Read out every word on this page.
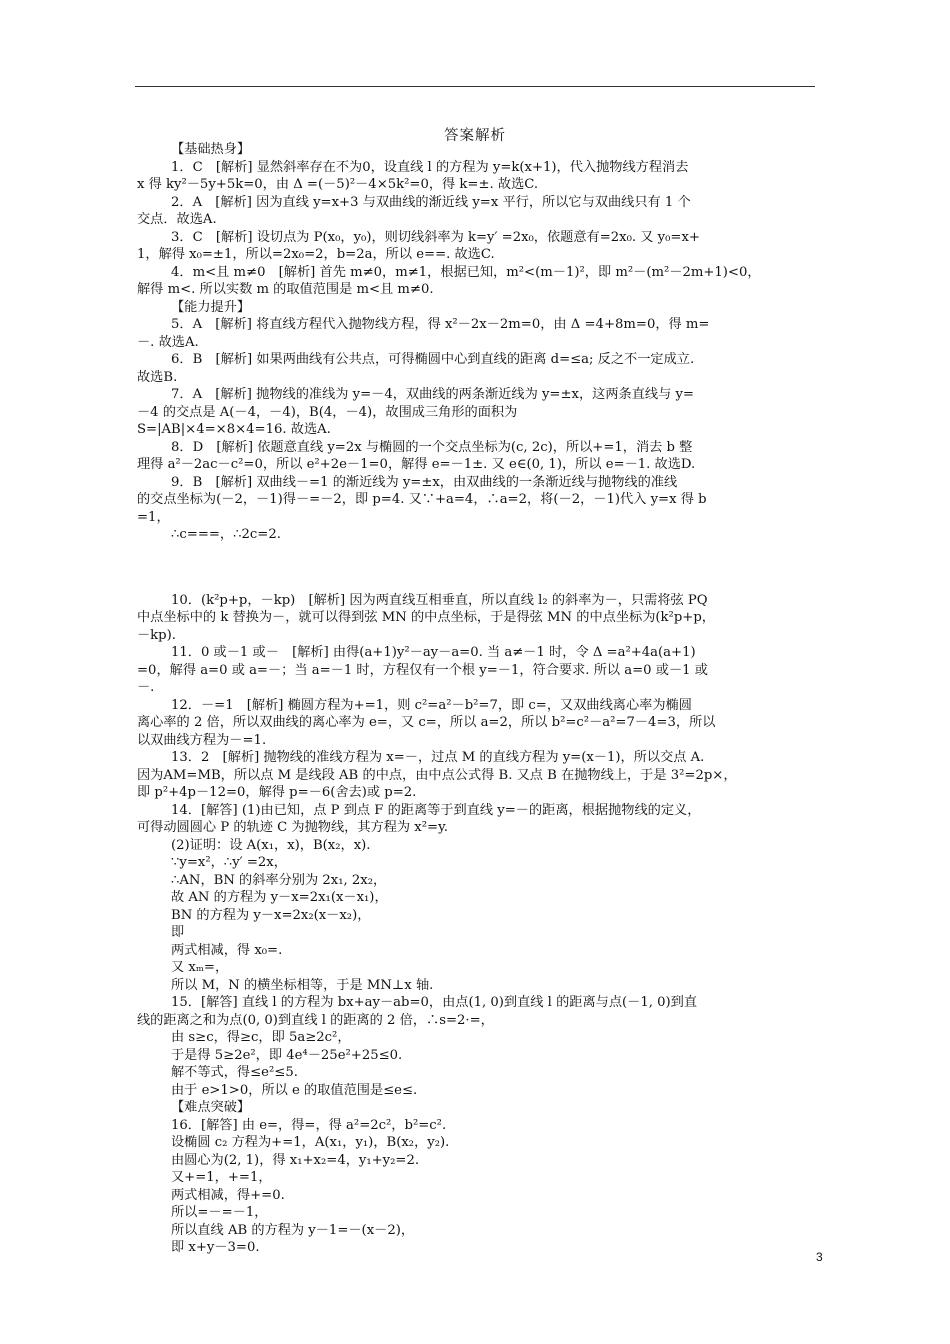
答案解析

【基础热身】

1．C　[解析] 显然斜率存在不为0，设直线 l 的方程为 y=k(x+1)，代入抛物线方程消去

x 得 ky²－5y+5k=0，由 Δ =(－5)²－4×5k²=0，得 k=±. 故选C.

2．A　[解析] 因为直线 y=x+3 与双曲线的渐近线 y=x 平行，所以它与双曲线只有 1 个

交点．故选A.

3．C　[解析] 设切点为 P(x₀，y₀)，则切线斜率为 k=y′ =2x₀，依题意有=2x₀. 又 y₀=x+

1，解得 x₀=±1，所以=2x₀=2，b=2a，所以 e==. 故选C.

4．m<且 m≠0　[解析] 首先 m≠0，m≠1，根据已知，m²<(m－1)²，即 m²－(m²－2m+1)<0，

解得 m<. 所以实数 m 的取值范围是 m<且 m≠0.

【能力提升】

5．A　[解析] 将直线方程代入抛物线方程，得 x²－2x－2m=0，由 Δ =4+8m=0，得 m=

－. 故选A.

6．B　[解析] 如果两曲线有公共点，可得椭圆中心到直线的距离 d=≤a; 反之不一定成立.

故选B.

7．A　[解析] 抛物线的准线为 y=－4，双曲线的两条渐近线为 y=±x，这两条直线与 y=

－4 的交点是 A(－4，－4)，B(4，－4)，故围成三角形的面积为

S=|AB|×4=×8×4=16. 故选A.

8．D　[解析] 依题意直线 y=2x 与椭圆的一个交点坐标为(c, 2c)，所以+=1，消去 b 整

理得 a²－2ac－c²=0，所以 e²+2e－1=0，解得 e=－1±. 又 e∈(0, 1)，所以 e=－1. 故选D.

9．B　[解析] 双曲线－=1 的渐近线为 y=±x，由双曲线的一条渐近线与抛物线的准线

的交点坐标为(－2，－1)得－=－2，即 p=4. 又∵+a=4，∴a=2，将(－2，－1)代入 y=x 得 b

=1，

∴c===，∴2c=2.

10．(k²p+p，－kp)　[解析] 因为两直线互相垂直，所以直线 l₂ 的斜率为－，只需将弦 PQ

中点坐标中的 k 替换为－，就可以得到弦 MN 的中点坐标，于是得弦 MN 的中点坐标为(k²p+p，

－kp).

11．0 或－1 或－　[解析] 由得(a+1)y²－ay－a=0. 当 a≠－1 时，令 Δ =a²+4a(a+1)

=0，解得 a=0 或 a=－；当 a=－1 时，方程仅有一个根 y=－1，符合要求. 所以 a=0 或－1 或

－.

12．－=1　[解析] 椭圆方程为+=1，则 c²=a²－b²=7，即 c=，又双曲线离心率为椭圆

离心率的 2 倍，所以双曲线的离心率为 e=，又 c=，所以 a=2，所以 b²=c²－a²=7－4=3，所以

以双曲线方程为－=1.

13．2　[解析] 抛物线的准线方程为 x=－，过点 M 的直线方程为 y=(x－1)，所以交点 A.

因为AM=MB，所以点 M 是线段 AB 的中点，由中点公式得 B. 又点 B 在抛物线上，于是 3²=2p×，

即 p²+4p－12=0，解得 p=－6(舍去)或 p=2.

14．[解答] (1)由已知，点 P 到点 F 的距离等于到直线 y=－的距离，根据抛物线的定义，

可得动圆圆心 P 的轨迹 C 为抛物线，其方程为 x²=y.

(2)证明：设 A(x₁，x)，B(x₂，x).

∵y=x²，∴y′ =2x，

∴AN，BN 的斜率分别为 2x₁, 2x₂，

故 AN 的方程为 y－x=2x₁(x－x₁)，

BN 的方程为 y－x=2x₂(x－x₂)，

即

两式相减，得 x₀=.

又 xₘ=，

所以 M，N 的横坐标相等，于是 MN⊥x 轴.

15．[解答] 直线 l 的方程为 bx+ay－ab=0，由点(1, 0)到直线 l 的距离与点(－1, 0)到直

线的距离之和为点(0, 0)到直线 l 的距离的 2 倍，∴s=2·=，

由 s≥c，得≥c，即 5a≥2c²，

于是得 5≥2e²，即 4e⁴－25e²+25≤0.

解不等式，得≤e²≤5.

由于 e>1>0，所以 e 的取值范围是≤e≤.

【难点突破】

16．[解答] 由 e=，得=，得 a²=2c²，b²=c².

设椭圆 c₂ 方程为+=1，A(x₁，y₁)，B(x₂，y₂).

由圆心为(2, 1)，得 x₁+x₂=4，y₁+y₂=2.

又+=1，+=1，

两式相减，得+=0.

所以=－=－1，

所以直线 AB 的方程为 y－1=－(x－2)，

即 x+y－3=0.

3
